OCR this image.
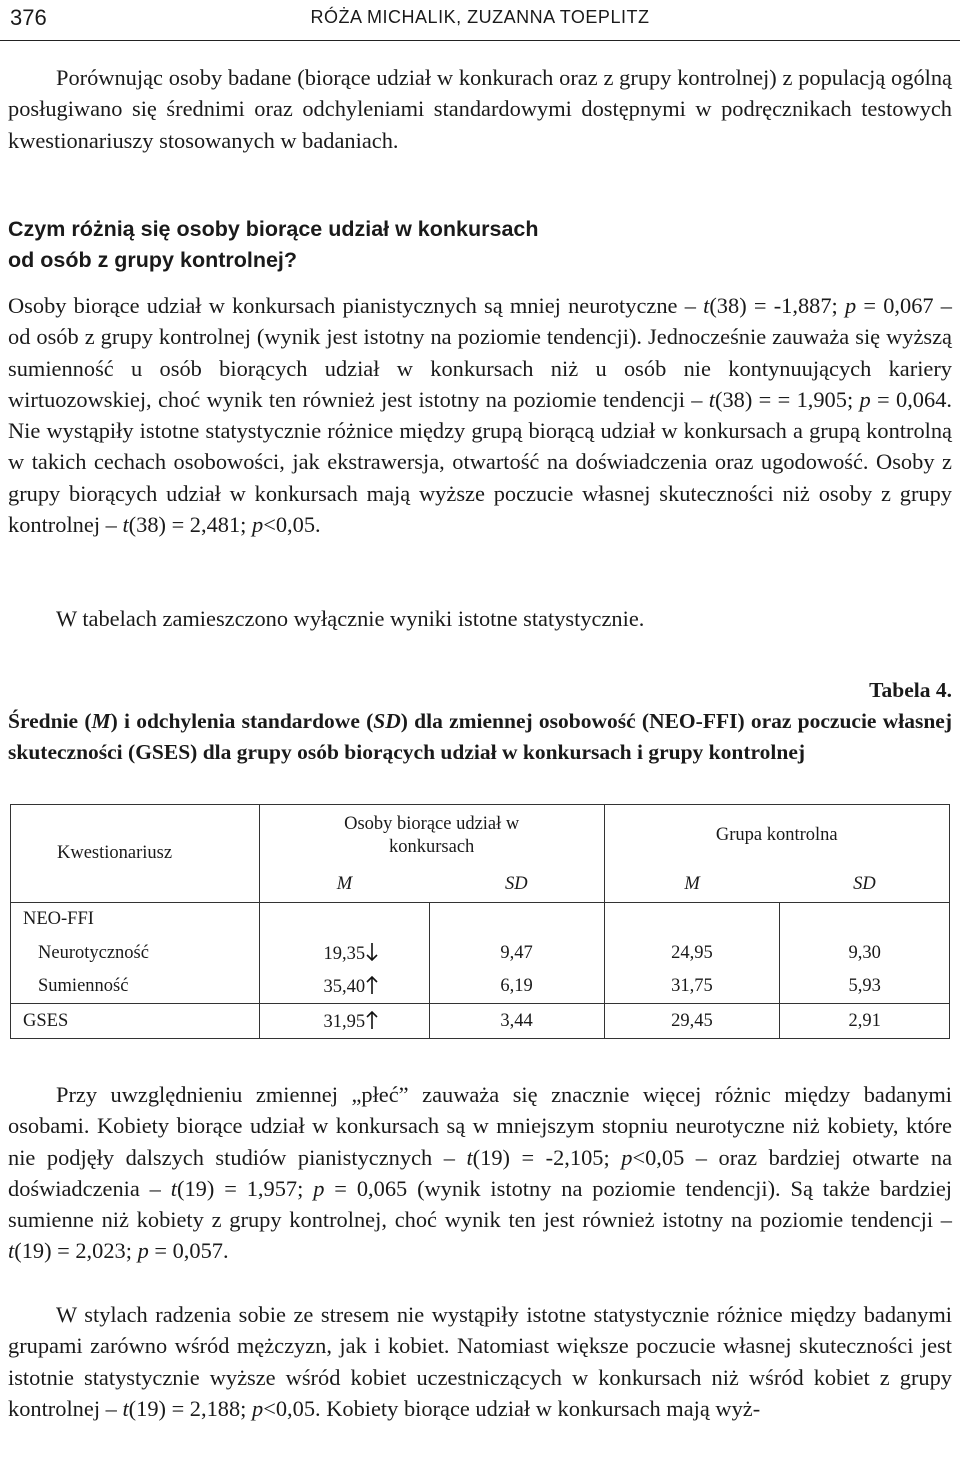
376	RÓŻA MICHALIK, ZUZANNA TOEPLITZ

Porównując osoby badane (biorące udział w konkurach oraz z grupy kontrolnej) z populacją ogólną posługiwano się średnimi oraz odchyleniami standardowymi dostępnymi w podręcznikach testowych kwestionariuszy stosowanych w badaniach.

Czym różnią się osoby biorące udział w konkursach
od osób z grupy kontrolnej?

Osoby biorące udział w konkursach pianistycznych są mniej neurotyczne – t(38) = -1,887; p = 0,067 – od osób z grupy kontrolnej (wynik jest istotny na poziomie tendencji). Jednocześnie zauważa się wyższą sumienność u osób biorących udział w konkursach niż u osób nie kontynuujących kariery wirtuozowskiej, choć wynik ten również jest istotny na poziomie tendencji – t(38) = = 1,905; p = 0,064. Nie wystąpiły istotne statystycznie różnice między grupą biorącą udział w konkursach a grupą kontrolną w takich cechach osobowości, jak ekstrawersja, otwartość na doświadczenia oraz ugodowość. Osoby z grupy biorących udział w konkursach mają wyższe poczucie własnej skuteczności niż osoby z grupy kontrolnej – t(38) = 2,481; p<0,05.

W tabelach zamieszczono wyłącznie wyniki istotne statystycznie.

Tabela 4.

Średnie (M) i odchylenia standardowe (SD) dla zmiennej osobowość (NEO-FFI) oraz poczucie własnej skuteczności (GSES) dla grupy osób biorących udział w konkursach i grupy kontrolnej

Kwestionariusz	Osoby biorące udział w konkursach		Grupa kontrolna	
	M	SD	M	SD
NEO-FFI				
Neurotyczność	19,35	9,47	24,95	9,30
Sumienność	35,40	6,19	31,75	5,93
GSES	31,95	3,44	29,45	2,91

Przy uwzględnieniu zmiennej „płeć” zauważa się znacznie więcej różnic między badanymi osobami. Kobiety biorące udział w konkursach są w mniejszym stopniu neurotyczne niż kobiety, które nie podjęły dalszych studiów pianistycznych – t(19) = -2,105; p<0,05 – oraz bardziej otwarte na doświadczenia – t(19) = 1,957; p = 0,065 (wynik istotny na poziomie tendencji). Są także bardziej sumienne niż kobiety z grupy kontrolnej, choć wynik ten jest również istotny na poziomie tendencji – t(19) = 2,023; p = 0,057.

W stylach radzenia sobie ze stresem nie wystąpiły istotne statystycznie różnice między badanymi grupami zarówno wśród mężczyzn, jak i kobiet. Natomiast większe poczucie własnej skuteczności jest istotnie statystycznie wyższe wśród kobiet uczestniczących w konkursach niż wśród kobiet z grupy kontrolnej – t(19) = 2,188; p<0,05. Kobiety biorące udział w konkursach mają wyż-
